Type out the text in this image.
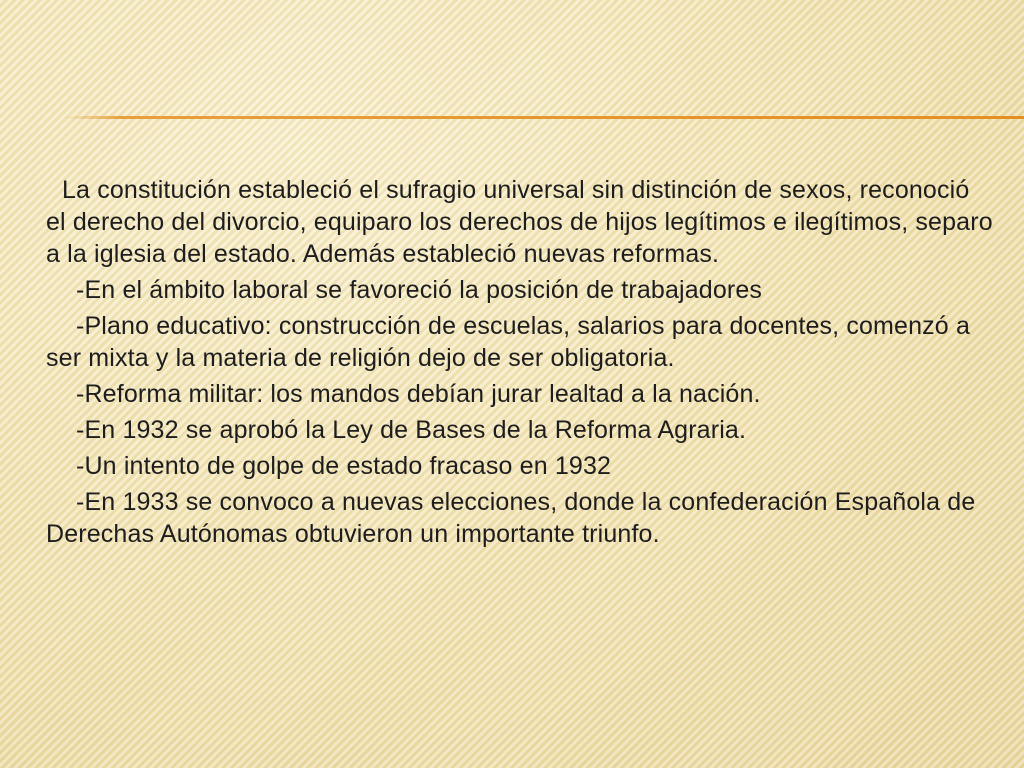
La constitución estableció el sufragio universal sin distinción de sexos, reconoció el derecho del divorcio, equiparo los derechos de hijos legítimos e ilegítimos, separo a la iglesia del estado. Además estableció nuevas reformas.

-En el ámbito laboral se favoreció la posición de trabajadores

-Plano educativo: construcción de escuelas, salarios para docentes, comenzó a ser mixta y la materia de religión dejo de ser obligatoria.

-Reforma militar: los mandos debían jurar lealtad a la nación.

-En 1932 se aprobó la Ley de Bases de la Reforma Agraria.

-Un intento de golpe de estado fracaso en 1932

-En 1933 se convoco a nuevas elecciones, donde la confederación Española de Derechas Autónomas obtuvieron un importante triunfo.
